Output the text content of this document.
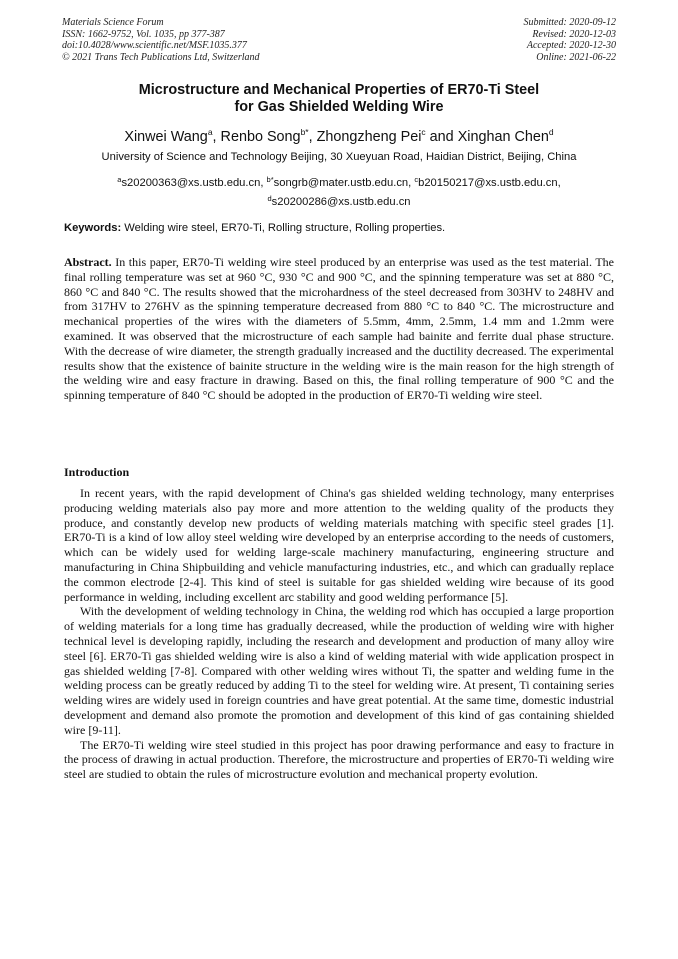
Materials Science Forum
ISSN: 1662-9752, Vol. 1035, pp 377-387
doi:10.4028/www.scientific.net/MSF.1035.377
© 2021 Trans Tech Publications Ltd, Switzerland
Submitted: 2020-09-12
Revised: 2020-12-03
Accepted: 2020-12-30
Online: 2021-06-22
Microstructure and Mechanical Properties of ER70-Ti Steel
for Gas Shielded Welding Wire
Xinwei Wang$^a$, Renbo Song$^{b*}$, Zhongzheng Pei$^c$ and Xinghan Chen$^d$
University of Science and Technology Beijing, 30 Xueyuan Road, Haidian District, Beijing, China
$^a$s20200363@xs.ustb.edu.cn, $^{b*}$songrb@mater.ustb.edu.cn, $^c$b20150217@xs.ustb.edu.cn,
$^d$s20200286@xs.ustb.edu.cn
Keywords: Welding wire steel, ER70-Ti, Rolling structure, Rolling properties.
Abstract. In this paper, ER70-Ti welding wire steel produced by an enterprise was used as the test material. The final rolling temperature was set at 960 °C, 930 °C and 900 °C, and the spinning temperature was set at 880 °C, 860 °C and 840 °C. The results showed that the microhardness of the steel decreased from 303HV to 248HV and from 317HV to 276HV as the spinning temperature decreased from 880 °C to 840 °C. The microstructure and mechanical properties of the wires with the diameters of 5.5mm, 4mm, 2.5mm, 1.4 mm and 1.2mm were examined. It was observed that the microstructure of each sample had bainite and ferrite dual phase structure. With the decrease of wire diameter, the strength gradually increased and the ductility decreased. The experimental results show that the existence of bainite structure in the welding wire is the main reason for the high strength of the welding wire and easy fracture in drawing. Based on this, the final rolling temperature of 900 °C and the spinning temperature of 840 °C should be adopted in the production of ER70-Ti welding wire steel.
Introduction

In recent years, with the rapid development of China's gas shielded welding technology, many enterprises producing welding materials also pay more and more attention to the welding quality of the products they produce, and constantly develop new products of welding materials matching with specific steel grades [1]. ER70-Ti is a kind of low alloy steel welding wire developed by an enterprise according to the needs of customers, which can be widely used for welding large-scale machinery manufacturing, engineering structure and manufacturing in China Shipbuilding and vehicle manufacturing industries, etc., and which can gradually replace the common electrode [2-4]. This kind of steel is suitable for gas shielded welding wire because of its good performance in welding, including excellent arc stability and good welding performance [5].

With the development of welding technology in China, the welding rod which has occupied a large proportion of welding materials for a long time has gradually decreased, while the production of welding wire with higher technical level is developing rapidly, including the research and development and production of many alloy wire steel [6]. ER70-Ti gas shielded welding wire is also a kind of welding material with wide application prospect in gas shielded welding [7-8]. Compared with other welding wires without Ti, the spatter and welding fume in the welding process can be greatly reduced by adding Ti to the steel for welding wire. At present, Ti containing series welding wires are widely used in foreign countries and have great potential. At the same time, domestic industrial development and demand also promote the promotion and development of this kind of gas containing shielded wire [9-11].

The ER70-Ti welding wire steel studied in this project has poor drawing performance and easy to fracture in the process of drawing in actual production. Therefore, the microstructure and properties of ER70-Ti welding wire steel are studied to obtain the rules of microstructure evolution and mechanical property evolution.
